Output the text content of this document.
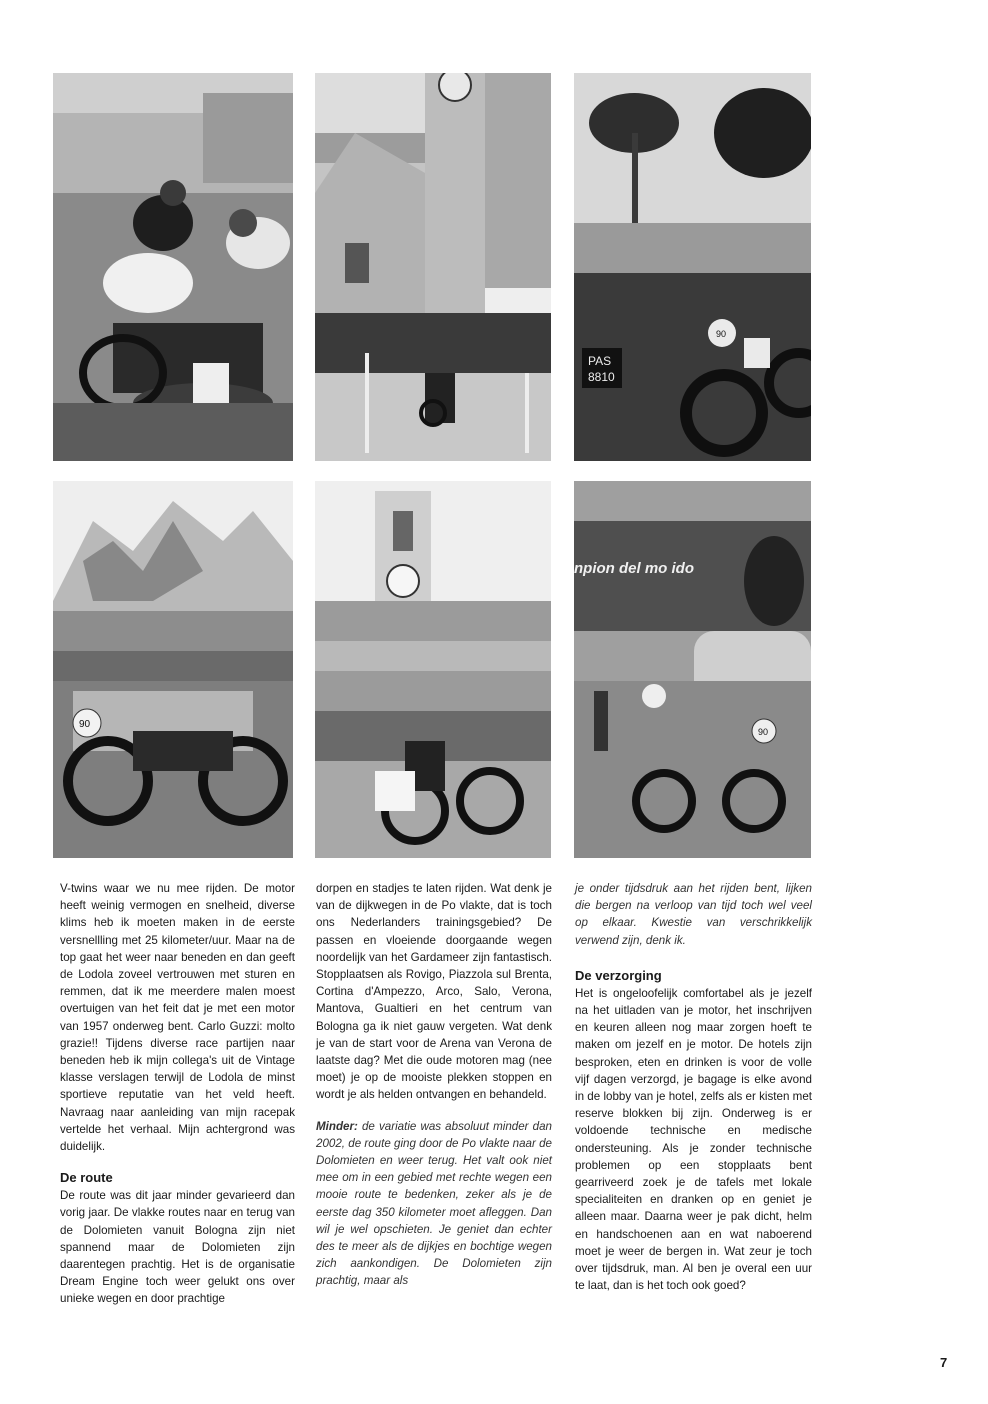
PAS
8810
90
90
npion del mo ido
90

V-twins waar we nu mee rijden. De motor heeft weinig vermogen en snelheid, diverse klims heb ik moeten maken in de eerste versnellling met 25 kilometer/uur. Maar na de top gaat het weer naar beneden en dan geeft de Lodola zoveel vertrouwen met sturen en remmen, dat ik me meerdere malen moest overtuigen van het feit dat je met een motor van 1957 onderweg bent. Carlo Guzzi: molto grazie!! Tijdens diverse race partijen naar beneden heb ik mijn collega's uit de Vintage klasse verslagen terwijl de Lodola de minst sportieve reputatie van het veld heeft. Navraag naar aanleiding van mijn racepak vertelde het verhaal. Mijn achtergrond was duidelijk.

De route

De route was dit jaar minder gevarieerd dan vorig jaar. De vlakke routes naar en terug van de Dolomieten vanuit Bologna zijn niet spannend maar de Dolomieten zijn daarentegen prachtig. Het is de organisatie Dream Engine toch weer gelukt ons over unieke wegen en door prachtige

dorpen en stadjes te laten rijden. Wat denk je van de dijkwegen in de Po vlakte, dat is toch ons Nederlanders trainingsgebied? De passen en vloeiende doorgaande wegen noordelijk van het Gardameer zijn fantastisch. Stopplaatsen als Rovigo, Piazzola sul Brenta, Cortina d'Ampezzo, Arco, Salo, Verona, Mantova, Gualtieri en het centrum van Bologna ga ik niet gauw vergeten. Wat denk je van de start voor de Arena van Verona de laatste dag? Met die oude motoren mag (nee moet) je op de mooiste plekken stoppen en wordt je als helden ontvangen en behandeld.

Minder: de variatie was absoluut minder dan 2002, de route ging door de Po vlakte naar de Dolomieten en weer terug. Het valt ook niet mee om in een gebied met rechte wegen een mooie route te bedenken, zeker als je de eerste dag 350 kilometer moet afleggen. Dan wil je wel opschieten. Je geniet dan echter des te meer als de dijkjes en bochtige wegen zich aankondigen. De Dolomieten zijn prachtig, maar als

je onder tijdsdruk aan het rijden bent, lijken die bergen na verloop van tijd toch wel veel op elkaar. Kwestie van verschrikkelijk verwend zijn, denk ik.

De verzorging

Het is ongeloofelijk comfortabel als je jezelf na het uitladen van je motor, het inschrijven en keuren alleen nog maar zorgen hoeft te maken om jezelf en je motor. De hotels zijn besproken, eten en drinken is voor de volle vijf dagen verzorgd, je bagage is elke avond in de lobby van je hotel, zelfs als er kisten met reserve blokken bij zijn. Onderweg is er voldoende technische en medische ondersteuning. Als je zonder technische problemen op een stopplaats bent gearriveerd zoek je de tafels met lokale specialiteiten en dranken op en geniet je alleen maar. Daarna weer je pak dicht, helm en handschoenen aan en wat naboerend moet je weer de bergen in. Wat zeur je toch over tijdsdruk, man. Al ben je overal een uur te laat, dan is het toch ook goed?

7
